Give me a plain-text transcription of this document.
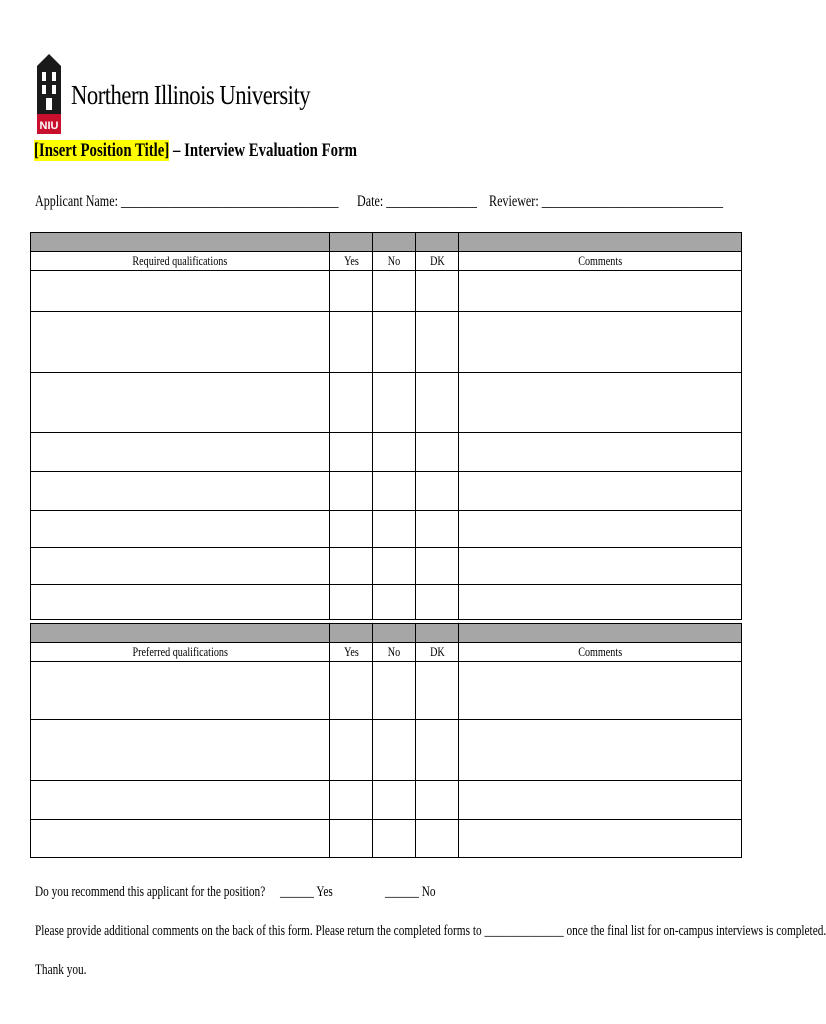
NIU
Northern Illinois University
[Insert Position Title] – Interview Evaluation Form
Applicant Name: ____________________________________ Date: _______________ Reviewer: ______________________________

Required qualifications	Yes	No	DK	Comments

Preferred qualifications	Yes	No	DK	Comments

Do you recommend this applicant for the position? ______ Yes	______ No
Please provide additional comments on the back of this form. Please return the completed forms to ______________ once the final list for on-campus interviews is completed.
Thank you.
